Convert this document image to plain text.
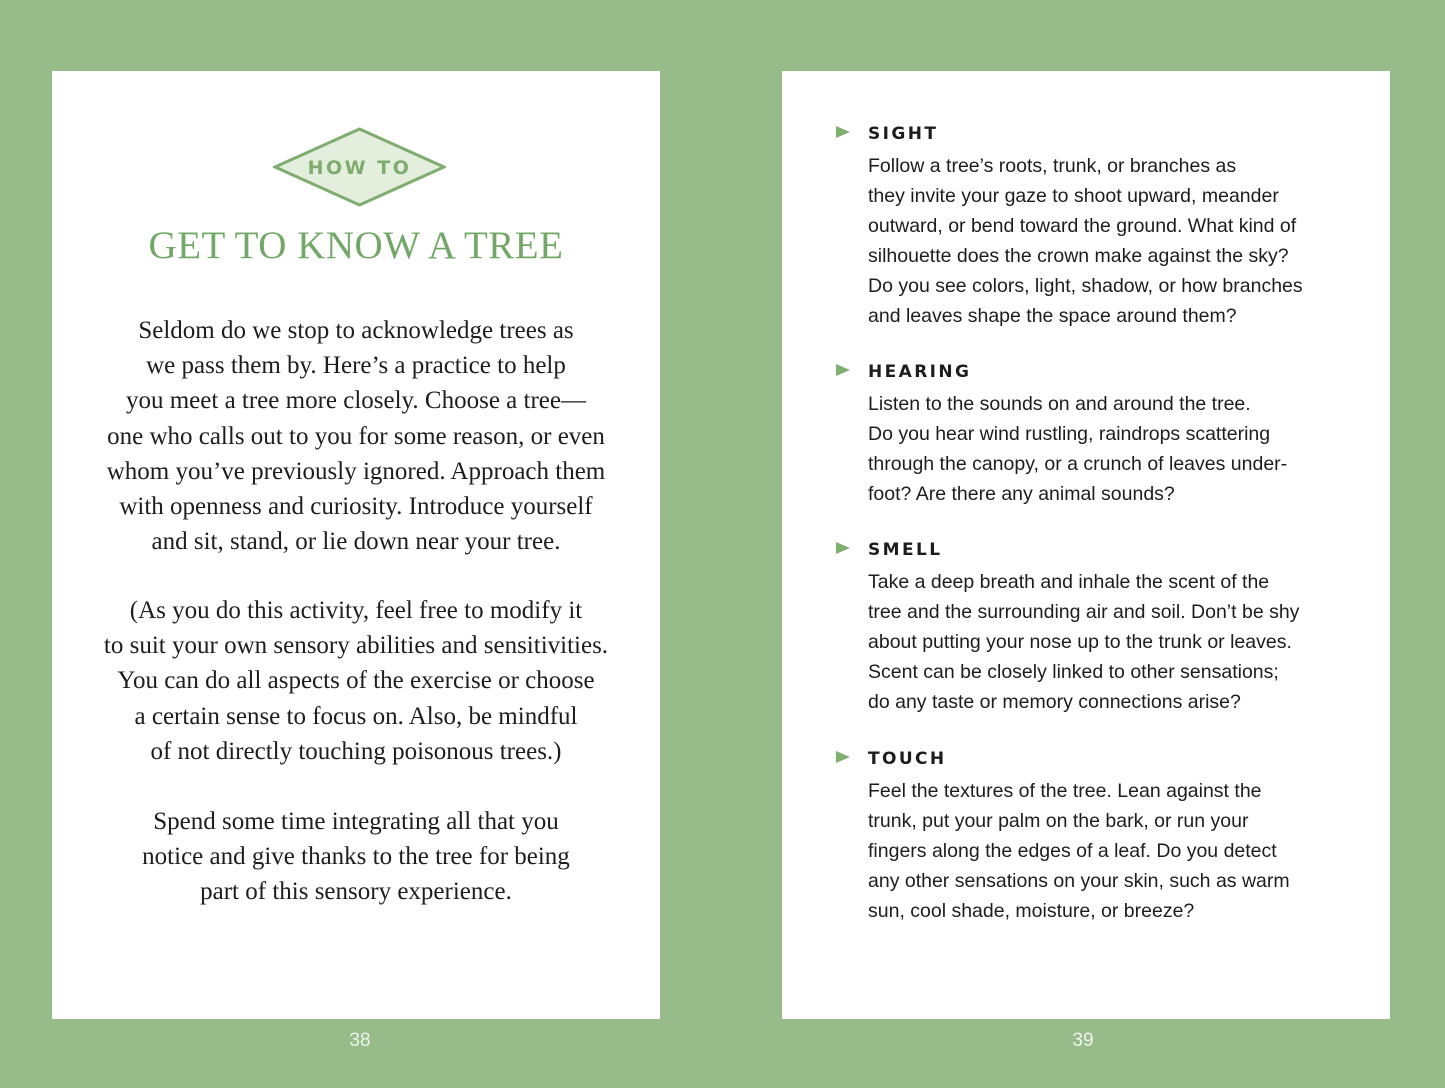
HOW TO
GET TO KNOW A TREE
Seldom do we stop to acknowledge trees as
we pass them by. Here’s a practice to help
you meet a tree more closely. Choose a tree—
one who calls out to you for some reason, or even
whom you’ve previously ignored. Approach them
with openness and curiosity. Introduce yourself
and sit, stand, or lie down near your tree.
(As you do this activity, feel free to modify it
to suit your own sensory abilities and sensitivities.
You can do all aspects of the exercise or choose
a certain sense to focus on. Also, be mindful
of not directly touching poisonous trees.)
Spend some time integrating all that you
notice and give thanks to the tree for being
part of this sensory experience.
SIGHT
Follow a tree’s roots, trunk, or branches as
they invite your gaze to shoot upward, meander
outward, or bend toward the ground. What kind of
silhouette does the crown make against the sky?
Do you see colors, light, shadow, or how branches
and leaves shape the space around them?
HEARING
Listen to the sounds on and around the tree.
Do you hear wind rustling, raindrops scattering
through the canopy, or a crunch of leaves under-
foot? Are there any animal sounds?
SMELL
Take a deep breath and inhale the scent of the
tree and the surrounding air and soil. Don’t be shy
about putting your nose up to the trunk or leaves.
Scent can be closely linked to other sensations;
do any taste or memory connections arise?
TOUCH
Feel the textures of the tree. Lean against the
trunk, put your palm on the bark, or run your
fingers along the edges of a leaf. Do you detect
any other sensations on your skin, such as warm
sun, cool shade, moisture, or breeze?
38	39
